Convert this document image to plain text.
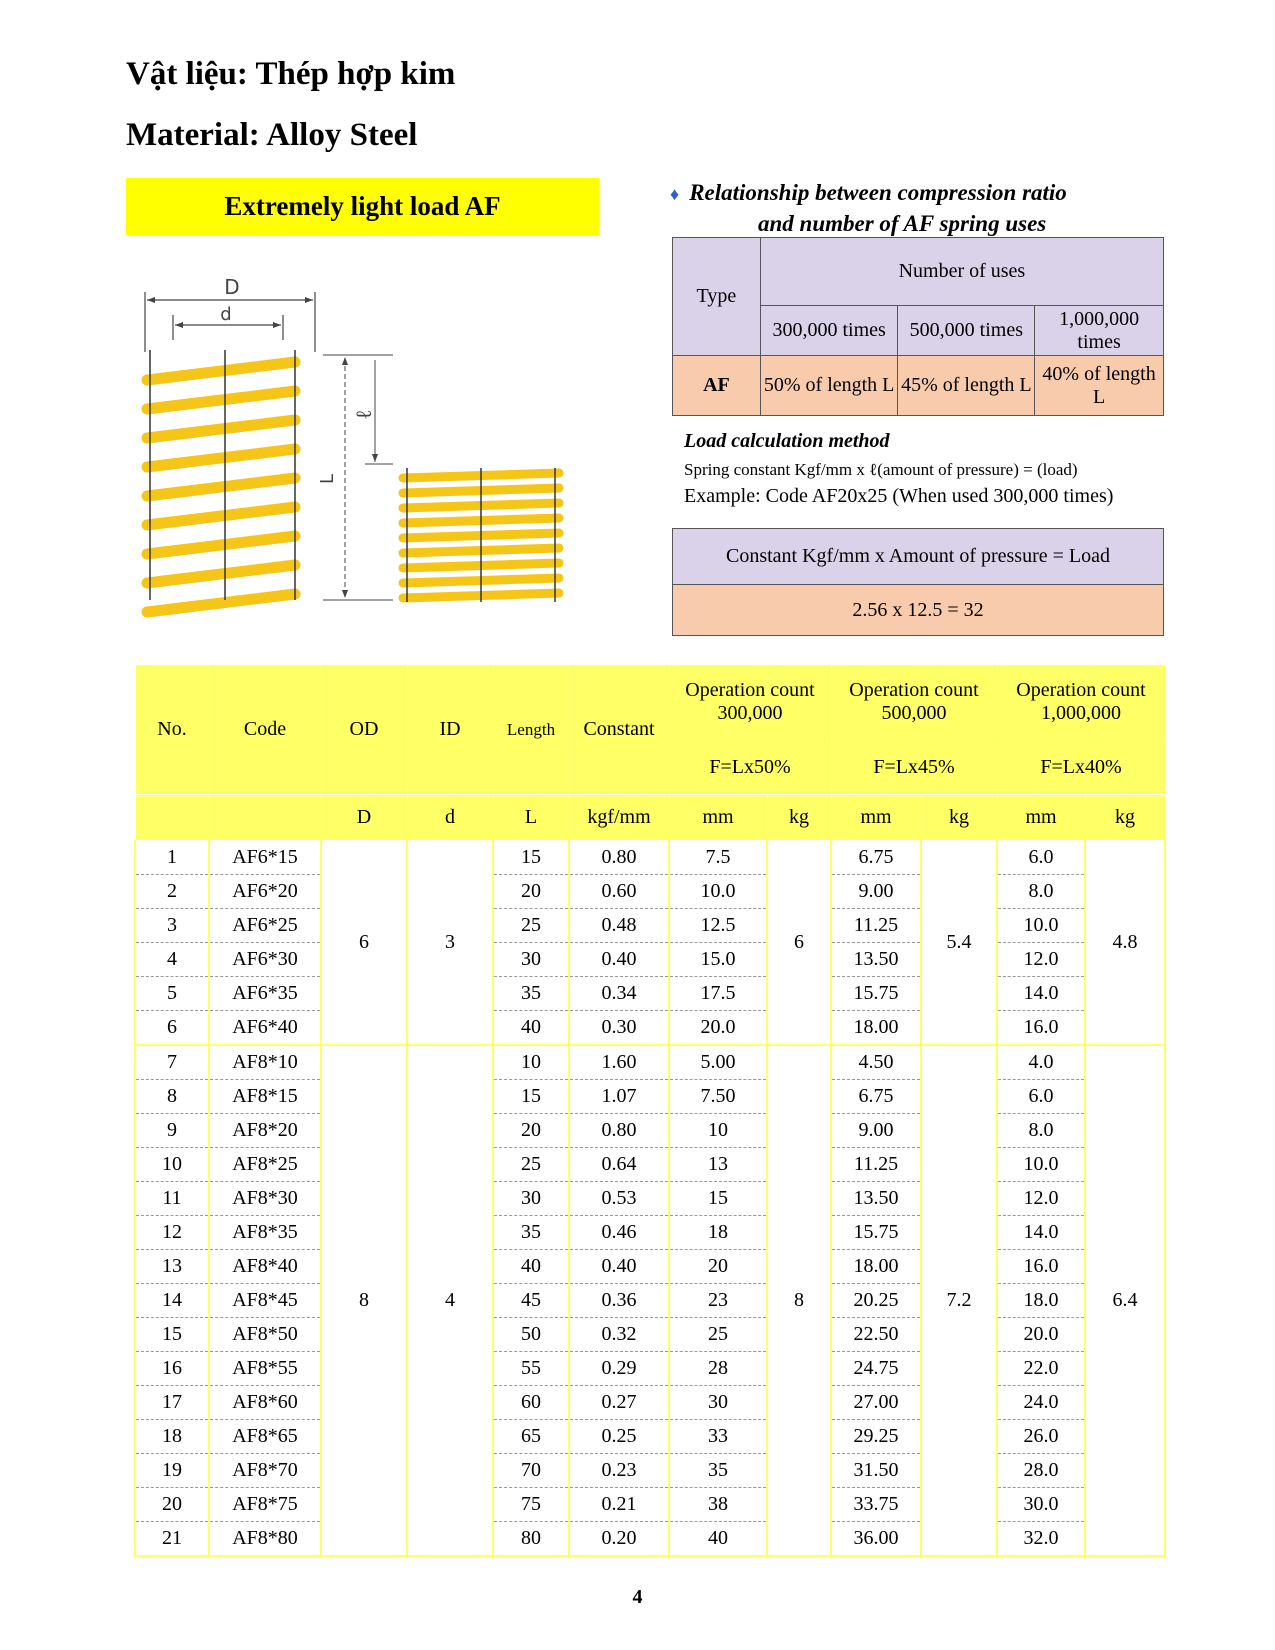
Vật liệu: Thép hợp kim
Material: Alloy Steel
Extremely light load AF	♦ Relationship between compression ratio
and number of AF spring uses
Type	Number of uses		
	300,000 times	500,000 times	1,000,000 times
AF	50% of length L	45% of length L	40% of length L
Load calculation method
Spring constant Kgf/mm x ℓ(amount of pressure) = (load)
Example: Code AF20x25 (When used 300,000 times)
Constant Kgf/mm x Amount of pressure = Load
2.56 x 12.5 = 32
D
d
L
ℓ
No.	Code	OD	ID	Length	Constant	Operation count 300,000		Operation count 500,000		Operation count 1,000,000	
						F=Lx50%		F=Lx45%		F=Lx40%	
		D	d	L	kgf/mm	mm	kg	mm	kg	mm	kg
1	AF6*15	6	3	15	0.80	7.5	6	6.75	5.4	6.0	4.8
2	AF6*20			20	0.60	10.0		9.00		8.0	
3	AF6*25			25	0.48	12.5		11.25		10.0	
4	AF6*30			30	0.40	15.0		13.50		12.0	
5	AF6*35			35	0.34	17.5		15.75		14.0	
6	AF6*40			40	0.30	20.0		18.00		16.0	
7	AF8*10	8	4	10	1.60	5.00	8	4.50	7.2	4.0	6.4
8	AF8*15			15	1.07	7.50		6.75		6.0	
9	AF8*20			20	0.80	10		9.00		8.0	
10	AF8*25			25	0.64	13		11.25		10.0	
11	AF8*30			30	0.53	15		13.50		12.0	
12	AF8*35			35	0.46	18		15.75		14.0	
13	AF8*40			40	0.40	20		18.00		16.0	
14	AF8*45			45	0.36	23		20.25		18.0	
15	AF8*50			50	0.32	25		22.50		20.0	
16	AF8*55			55	0.29	28		24.75		22.0	
17	AF8*60			60	0.27	30		27.00		24.0	
18	AF8*65			65	0.25	33		29.25		26.0	
19	AF8*70			70	0.23	35		31.50		28.0	
20	AF8*75			75	0.21	38		33.75		30.0	
21	AF8*80			80	0.20	40		36.00		32.0	
4
